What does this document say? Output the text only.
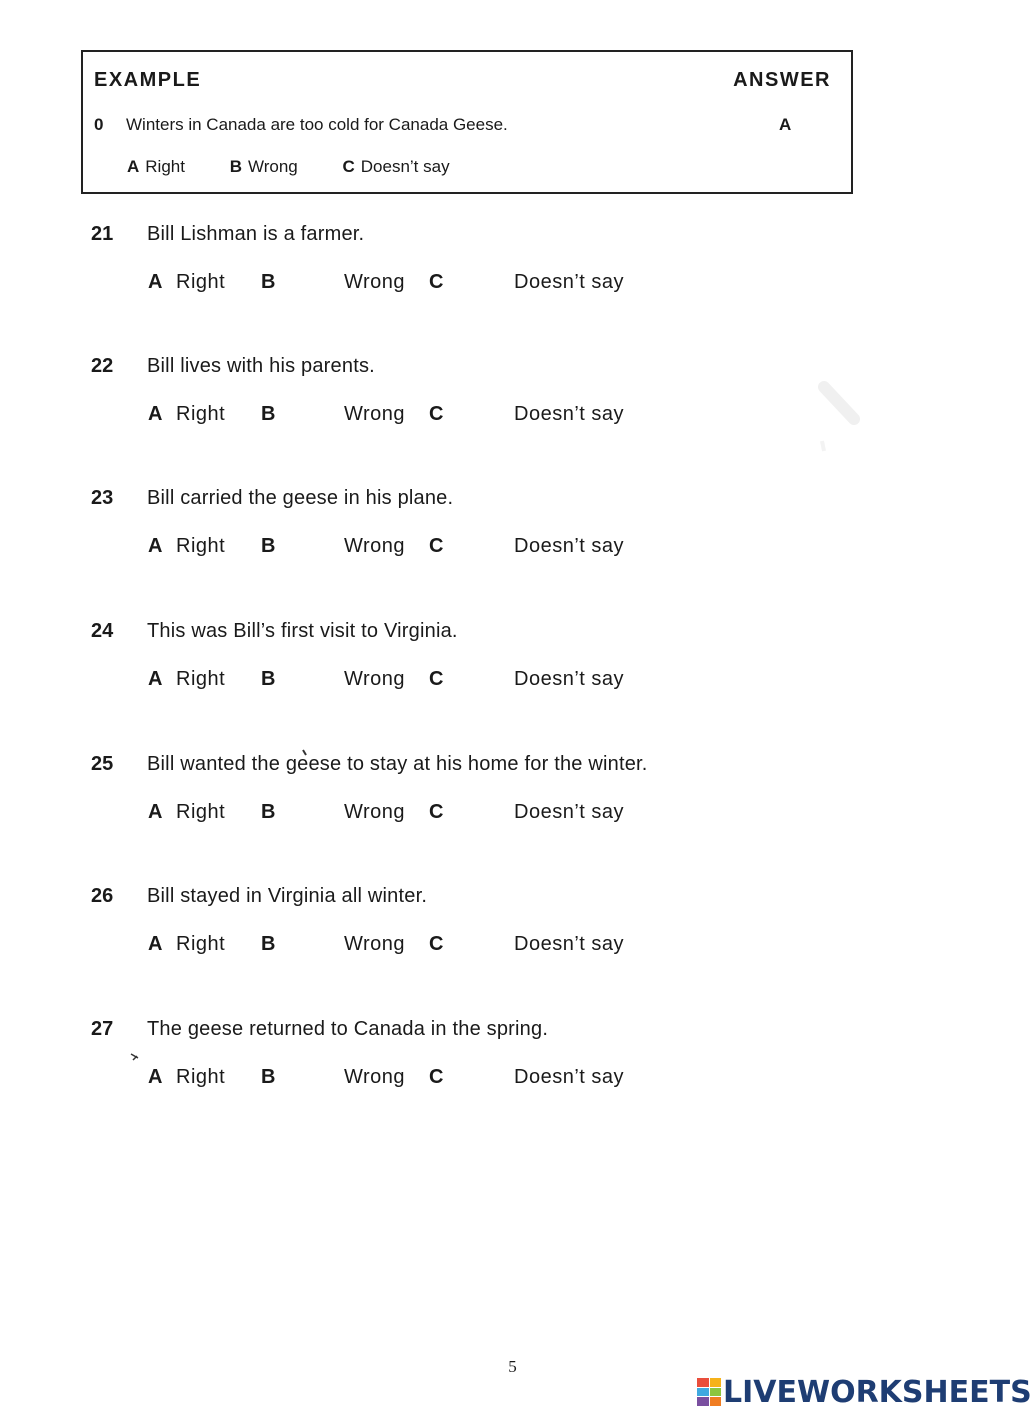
EXAMPLE	ANSWER
0 Winters in Canada are too cold for Canada Geese.	A
A Right	B Wrong	C Doesn’t say
21 Bill Lishman is a farmer.
A Right B	Wrong C	Doesn’t say
22 Bill lives with his parents.
A Right B	Wrong C	Doesn’t say
23 Bill carried the geese in his plane.
A Right B	Wrong C	Doesn’t say
24 This was Bill’s first visit to Virginia.
A Right B	Wrong C	Doesn’t say
25 Bill wanted the geese to stay at his home for the winter.
A Right B	Wrong C	Doesn’t say
26 Bill stayed in Virginia all winter.
A Right B	Wrong C	Doesn’t say
27 The geese returned to Canada in the spring.
A Right B	Wrong C	Doesn’t say
5
LIVEWORKSHEETS
